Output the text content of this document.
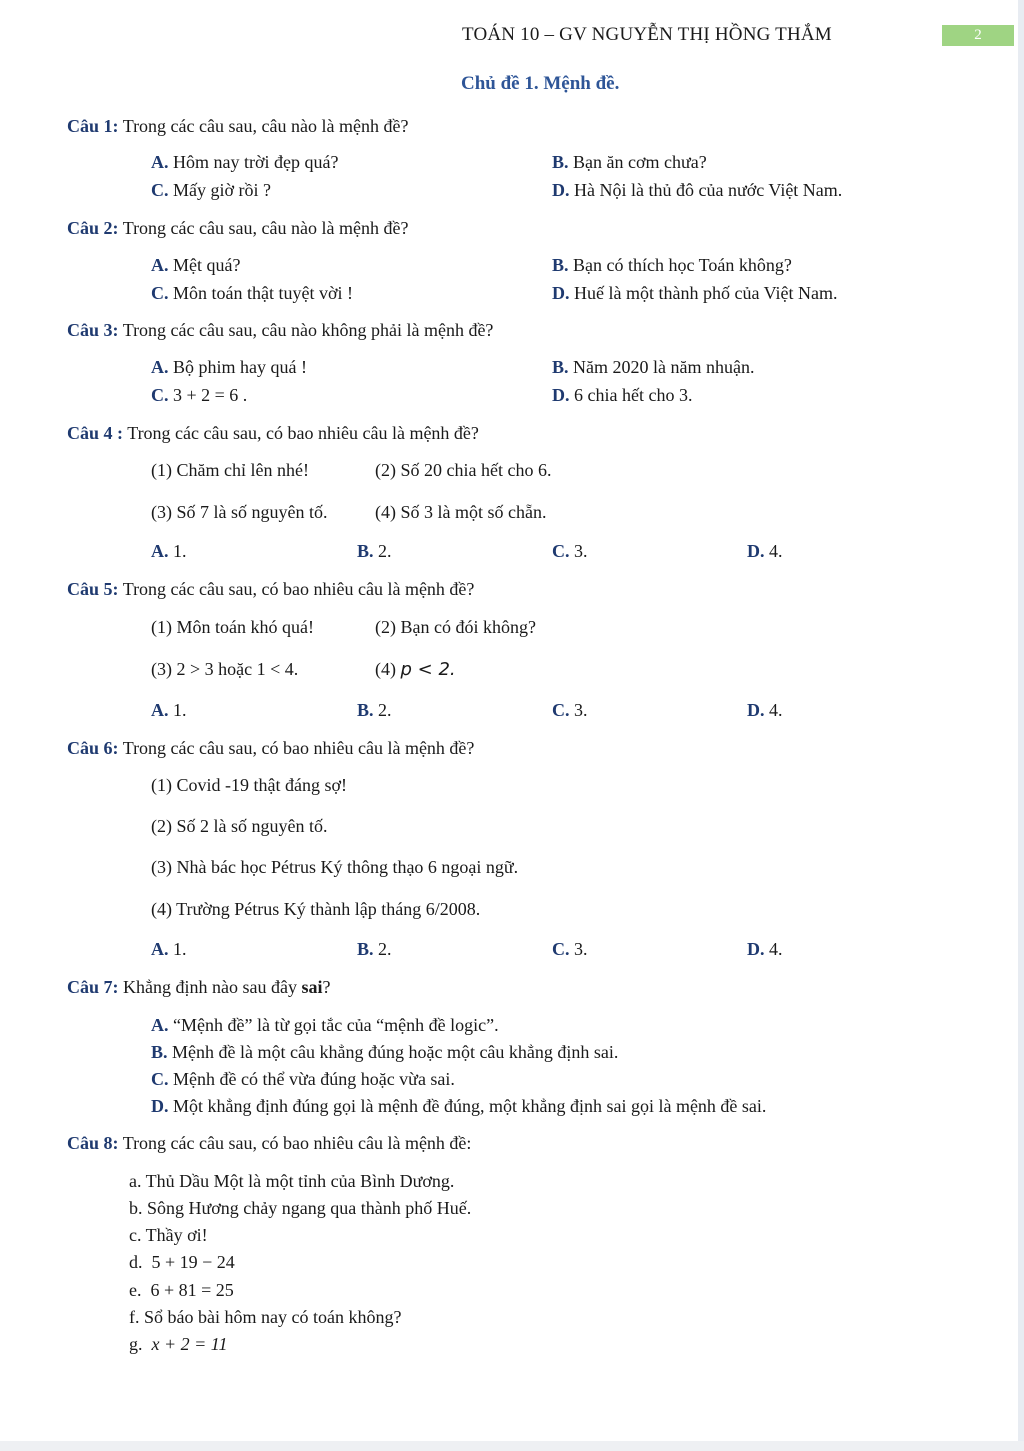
TOÁN 10 – GV NGUYỄN THỊ HỒNG THẮM	2
Chủ đề 1. Mệnh đề.
Câu 1: Trong các câu sau, câu nào là mệnh đề?
A. Hôm nay trời đẹp quá?	B. Bạn ăn cơm chưa?
C. Mấy giờ rồi ?	D. Hà Nội là thủ đô của nước Việt Nam.
Câu 2: Trong các câu sau, câu nào là mệnh đề?
A. Mệt quá?	B. Bạn có thích học Toán không?
C. Môn toán thật tuyệt vời !	D. Huế là một thành phố của Việt Nam.
Câu 3: Trong các câu sau, câu nào không phải là mệnh đề?
A. Bộ phim hay quá !	B. Năm 2020 là năm nhuận.
C. 3 + 2 = 6 .	D. 6 chia hết cho 3.
Câu 4 : Trong các câu sau, có bao nhiêu câu là mệnh đề?
(1) Chăm chỉ lên nhé!	(2) Số 20 chia hết cho 6.
(3) Số 7 là số nguyên tố.	(4) Số 3 là một số chẵn.
A. 1.	B. 2.	C. 3.	D. 4.
Câu 5: Trong các câu sau, có bao nhiêu câu là mệnh đề?
(1) Môn toán khó quá!	(2) Bạn có đói không?
(3) 2 > 3 hoặc 1 < 4.	(4) p < 2.
A. 1.	B. 2.	C. 3.	D. 4.
Câu 6: Trong các câu sau, có bao nhiêu câu là mệnh đề?
(1) Covid -19 thật đáng sợ!
(2) Số 2 là số nguyên tố.
(3) Nhà bác học Pétrus Ký thông thạo 6 ngoại ngữ.
(4) Trường Pétrus Ký thành lập tháng 6/2008.
A. 1.	B. 2.	C. 3.	D. 4.
Câu 7: Khẳng định nào sau đây sai?
A. “Mệnh đề” là từ gọi tắc của “mệnh đề logic”.
B. Mệnh đề là một câu khẳng đúng hoặc một câu khẳng định sai.
C. Mệnh đề có thể vừa đúng hoặc vừa sai.
D. Một khẳng định đúng gọi là mệnh đề đúng, một khẳng định sai gọi là mệnh đề sai.
Câu 8: Trong các câu sau, có bao nhiêu câu là mệnh đề:
a. Thủ Dầu Một là một tỉnh của Bình Dương.
b. Sông Hương chảy ngang qua thành phố Huế.
c. Thầy ơi!
d. 5 + 19 − 24
e. 6 + 81 = 25
f. Sổ báo bài hôm nay có toán không?
g. x + 2 = 11
